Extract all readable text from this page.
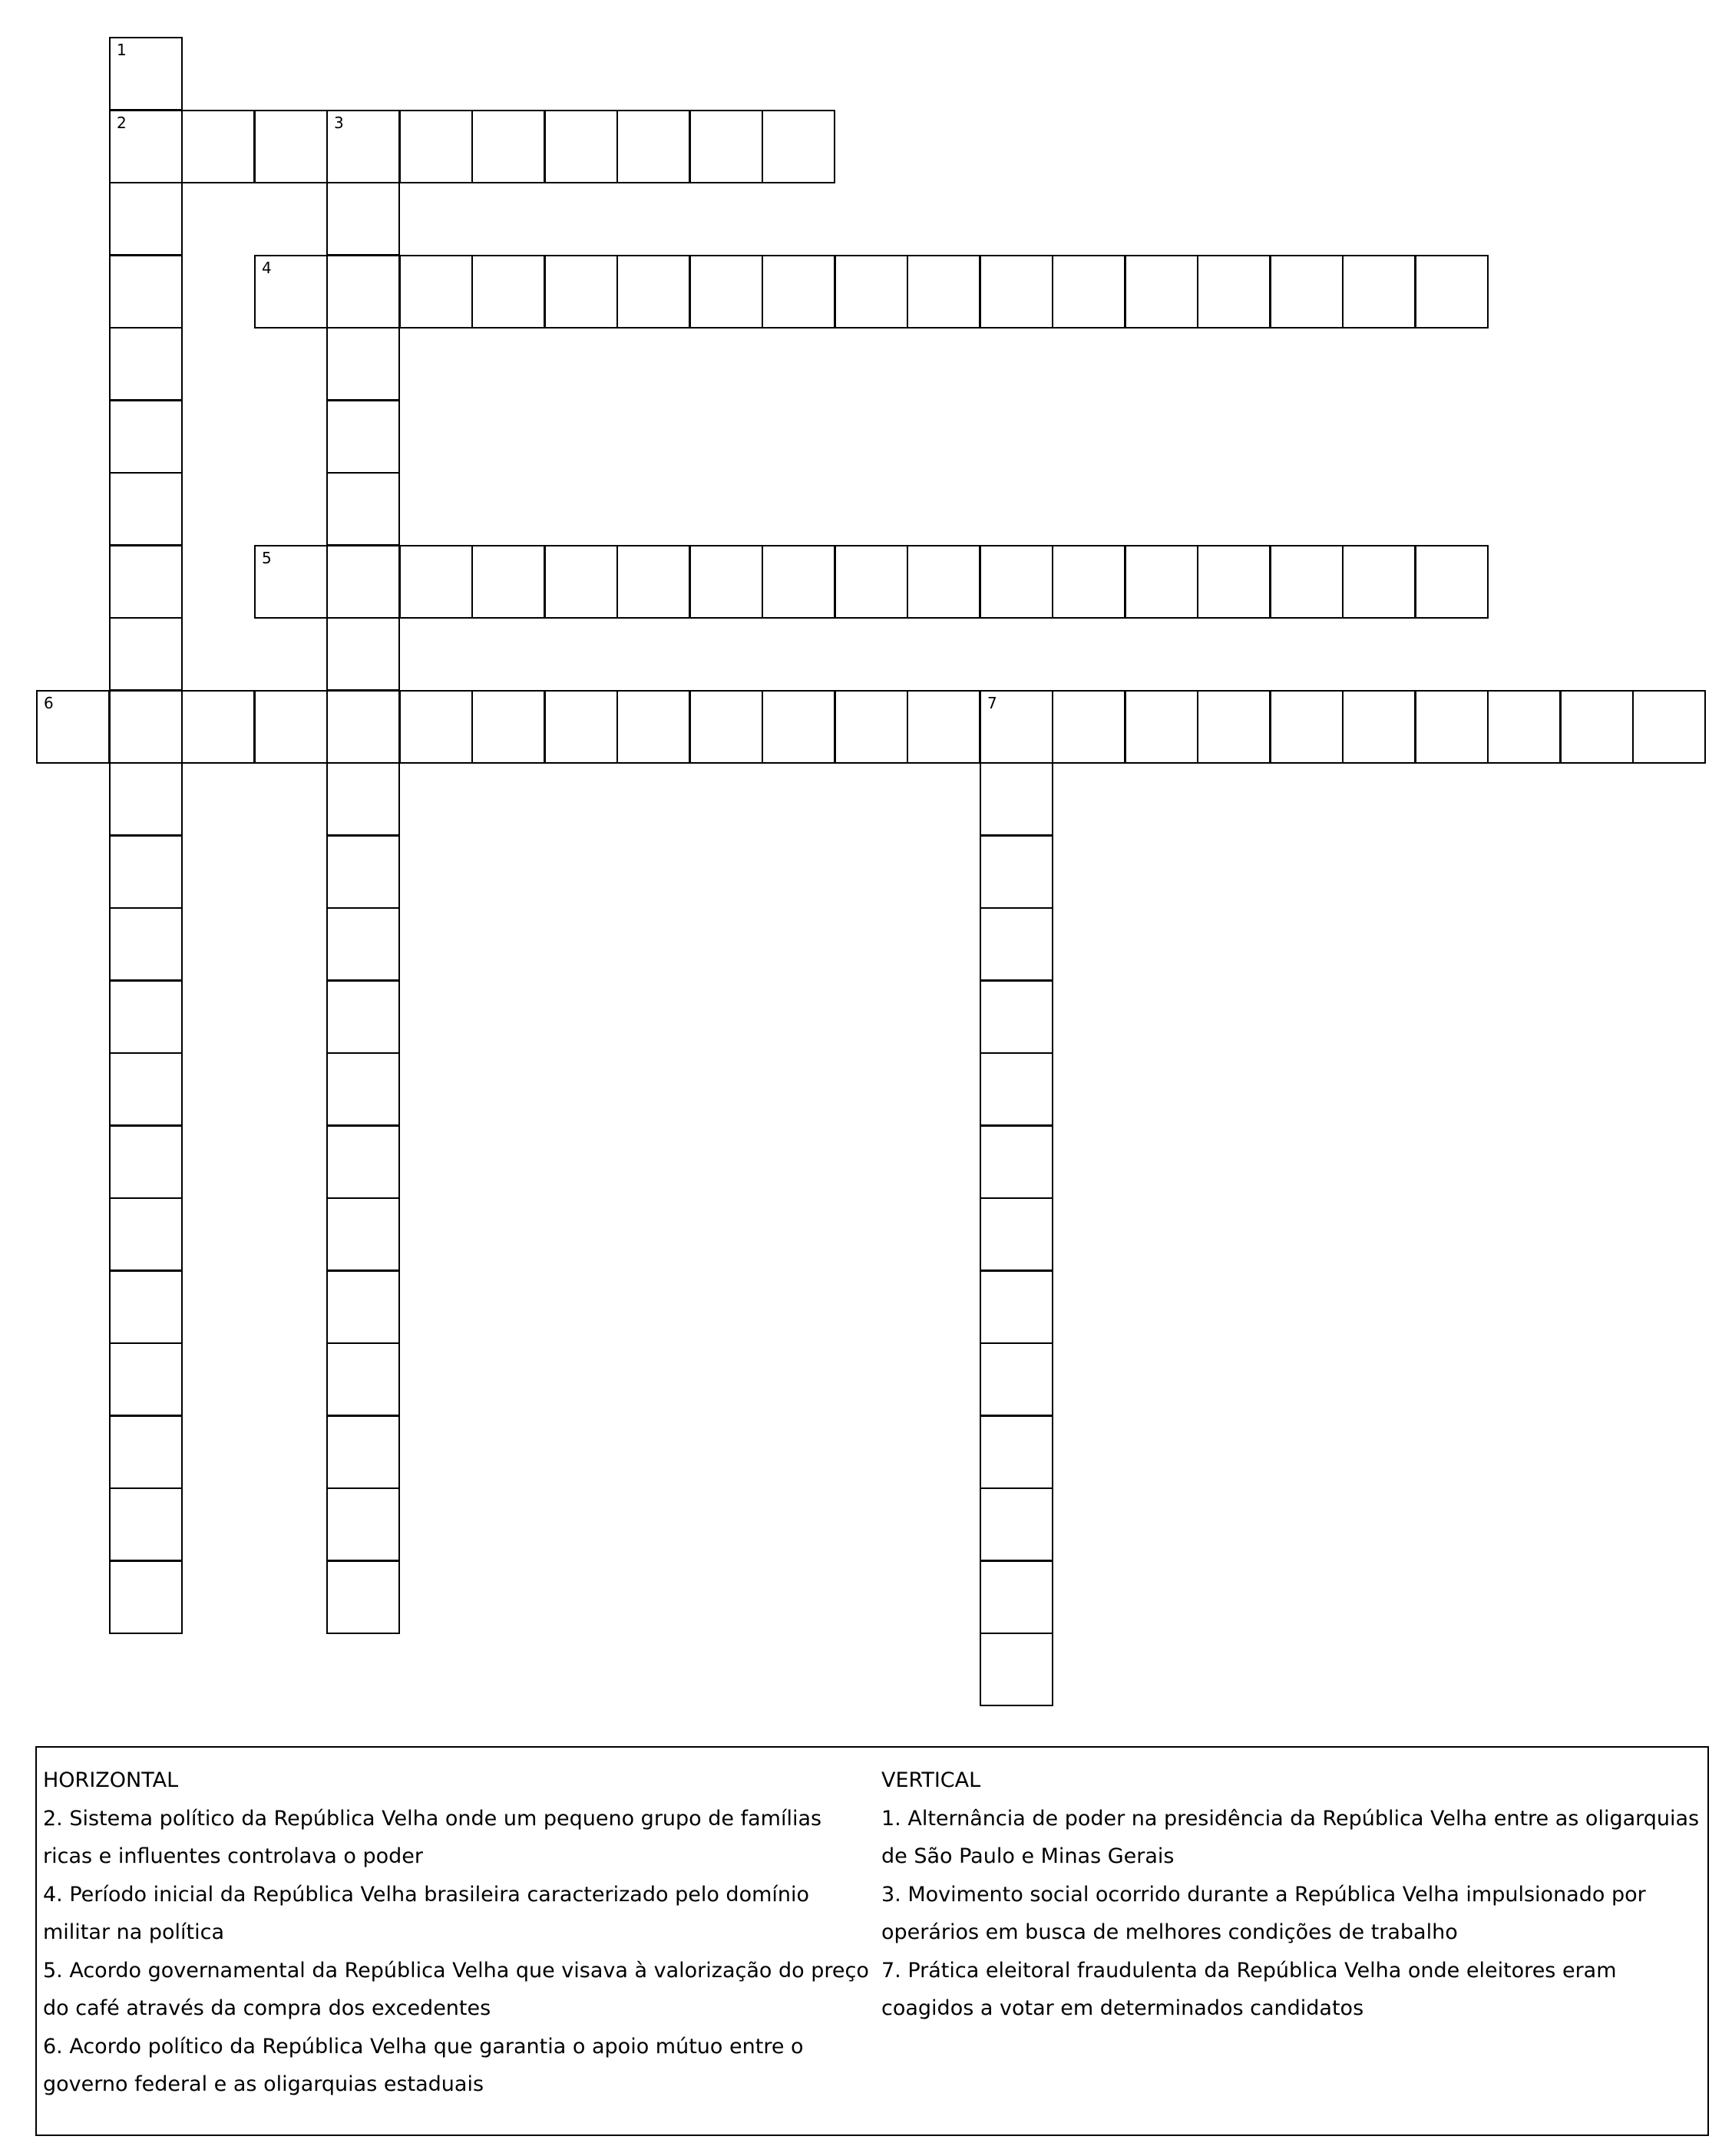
1
2	3
4
5
6	7

HORIZONTAL

2. Sistema político da República Velha onde um pequeno grupo de famílias ricas e influentes controlava o poder

4. Período inicial da República Velha brasileira caracterizado pelo domínio militar na política

5. Acordo governamental da República Velha que visava à valorização do preço do café através da compra dos excedentes

6. Acordo político da República Velha que garantia o apoio mútuo entre o governo federal e as oligarquias estaduais

VERTICAL

1. Alternância de poder na presidência da República Velha entre as oligarquias de São Paulo e Minas Gerais

3. Movimento social ocorrido durante a República Velha impulsionado por operários em busca de melhores condições de trabalho

7. Prática eleitoral fraudulenta da República Velha onde eleitores eram coagidos a votar em determinados candidatos
